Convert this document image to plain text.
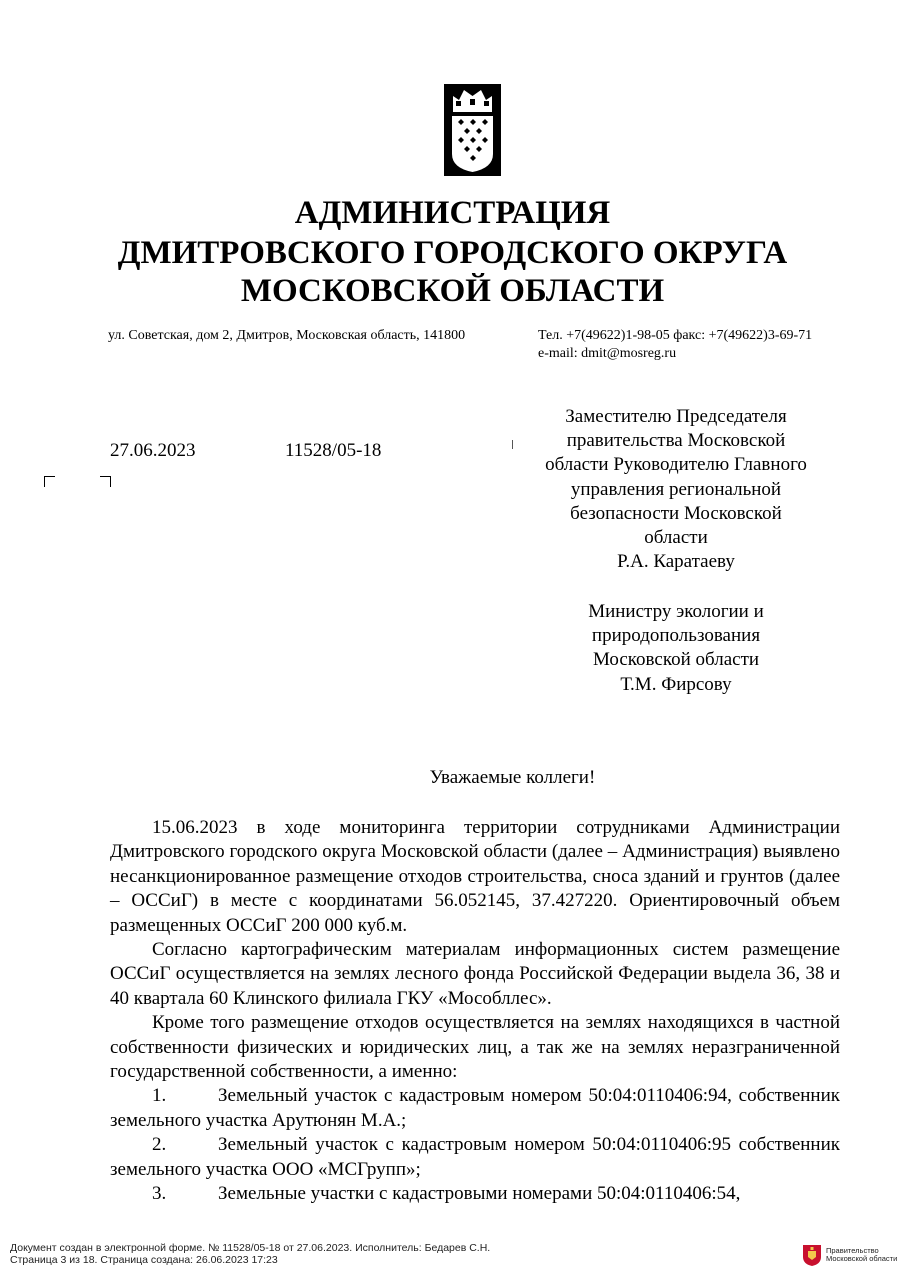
АДМИНИСТРАЦИЯ
ДМИТРОВСКОГО ГОРОДСКОГО ОКРУГА
МОСКОВСКОЙ ОБЛАСТИ
ул. Советская, дом 2, Дмитров, Московская область, 141800	Тел. +7(49622)1-98-05 факс: +7(49622)3-69-71
e-mail: dmit@mosreg.ru
27.06.2023	11528/05-18
Заместителю Председателя
правительства Московской
области Руководителю Главного
управления региональной
безопасности Московской
области
Р.А. Каратаеву
Министру экологии и
природопользования
Московской области
Т.М. Фирсову
Уважаемые коллеги!

15.06.2023 в ходе мониторинга территории сотрудниками Администрации Дмитровского городского округа Московской области (далее – Администрация) выявлено несанкционированное размещение отходов строительства, сноса зданий и грунтов (далее – ОССиГ) в месте с координатами 56.052145, 37.427220. Ориентировочный объем размещенных ОССиГ 200 000 куб.м.

Согласно картографическим материалам информационных систем размещение ОССиГ осуществляется на землях лесного фонда Российской Федерации выдела 36, 38 и 40 квартала 60 Клинского филиала ГКУ «Мособллес».

Кроме того размещение отходов осуществляется на землях находящихся в частной собственности физических и юридических лиц, а так же на землях неразграниченной государственной собственности, а именно:

1.	Земельный участок с кадастровым номером 50:04:0110406:94, собственник земельного участка Арутюнян М.А.;

2.	Земельный участок с кадастровым номером 50:04:0110406:95 собственник земельного участка ООО «МСГрупп»;

3.	Земельные участки с кадастровыми номерами 50:04:0110406:54,

Документ создан в электронной форме. № 11528/05-18 от 27.06.2023. Исполнитель: Бедарев С.Н.
Страница 3 из 18. Страница создана: 26.06.2023 17:23
Правительство
Московской области
